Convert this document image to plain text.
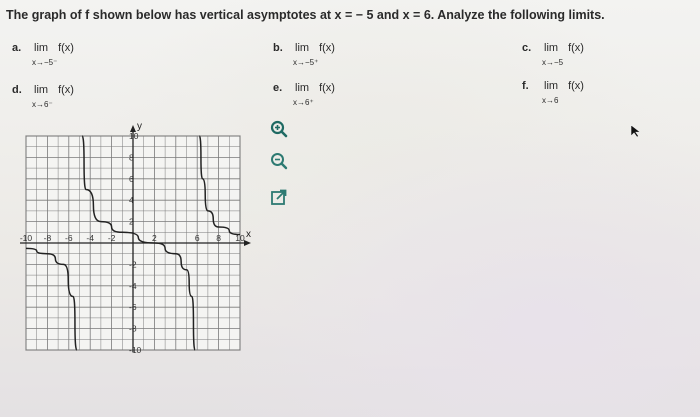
The graph of f shown below has vertical asymptotes at x = − 5 and x = 6. Analyze the following limits.
a.	lim f(x)
x→−5⁻
b.	lim f(x)
x→−5⁺
c.	lim f(x)
x→−5
d.	lim f(x)
x→6⁻
e.	lim f(x)
x→6⁺
f.	lim f(x)
x→6
y
x
-10 -8 -6 -4 -2	2	6 8 10
10
8
6
4
2
-2
-4
-6
-8
-10
